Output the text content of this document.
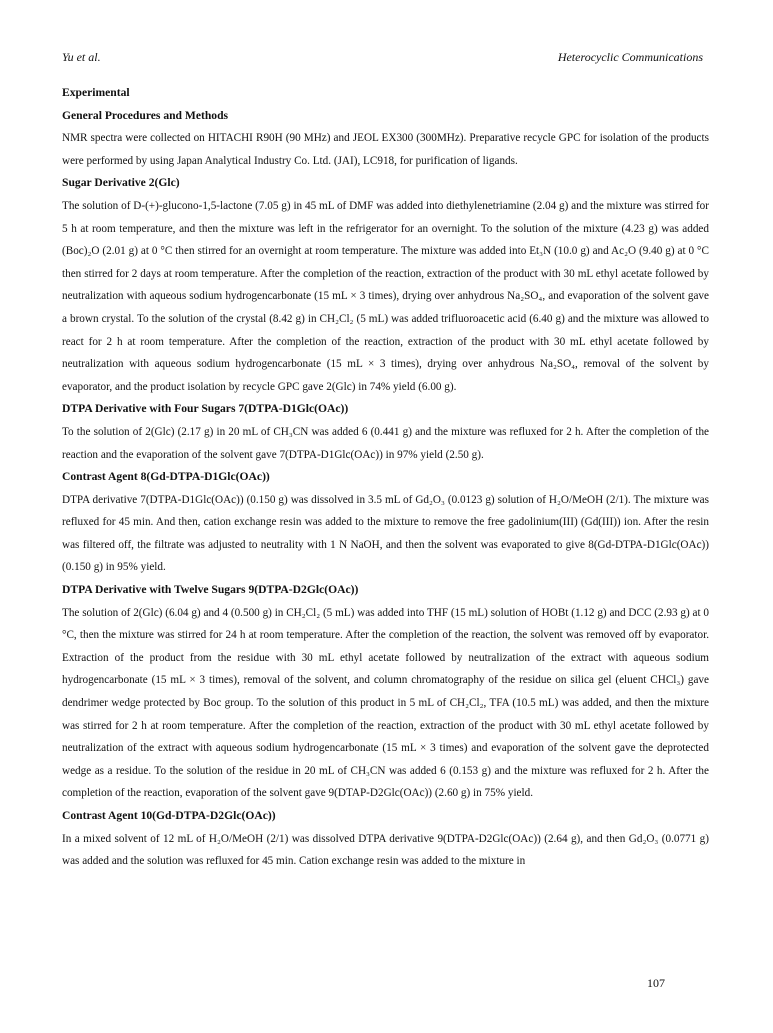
Yu et al.	Heterocyclic Communications
Experimental
General Procedures and Methods

NMR spectra were collected on HITACHI R90H (90 MHz) and JEOL EX300 (300MHz). Preparative recycle GPC for isolation of the products were performed by using Japan Analytical Industry Co. Ltd. (JAI), LC918, for purification of ligands.

Sugar Derivative 2(Glc)

The solution of D-(+)-glucono-1,5-lactone (7.05 g) in 45 mL of DMF was added into diethylenetriamine (2.04 g) and the mixture was stirred for 5 h at room temperature, and then the mixture was left in the refrigerator for an overnight. To the solution of the mixture (4.23 g) was added (Boc)₂O (2.01 g) at 0 °C then stirred for an overnight at room temperature. The mixture was added into Et₃N (10.0 g) and Ac₂O (9.40 g) at 0 °C then stirred for 2 days at room temperature. After the completion of the reaction, extraction of the product with 30 mL ethyl acetate followed by neutralization with aqueous sodium hydrogencarbonate (15 mL × 3 times), drying over anhydrous Na₂SO₄, and evaporation of the solvent gave a brown crystal. To the solution of the crystal (8.42 g) in CH₂Cl₂ (5 mL) was added trifluoroacetic acid (6.40 g) and the mixture was allowed to react for 2 h at room temperature. After the completion of the reaction, extraction of the product with 30 mL ethyl acetate followed by neutralization with aqueous sodium hydrogencarbonate (15 mL × 3 times), drying over anhydrous Na₂SO₄, removal of the solvent by evaporator, and the product isolation by recycle GPC gave 2(Glc) in 74% yield (6.00 g).

DTPA Derivative with Four Sugars 7(DTPA-D1Glc(OAc))

To the solution of 2(Glc) (2.17 g) in 20 mL of CH₃CN was added 6 (0.441 g) and the mixture was refluxed for 2 h. After the completion of the reaction and the evaporation of the solvent gave 7(DTPA-D1Glc(OAc)) in 97% yield (2.50 g).

Contrast Agent 8(Gd-DTPA-D1Glc(OAc))

DTPA derivative 7(DTPA-D1Glc(OAc)) (0.150 g) was dissolved in 3.5 mL of Gd₂O₃ (0.0123 g) solution of H₂O/MeOH (2/1). The mixture was refluxed for 45 min. And then, cation exchange resin was added to the mixture to remove the free gadolinium(III) (Gd(III)) ion. After the resin was filtered off, the filtrate was adjusted to neutrality with 1 N NaOH, and then the solvent was evaporated to give 8(Gd-DTPA-D1Glc(OAc)) (0.150 g) in 95% yield.

DTPA Derivative with Twelve Sugars 9(DTPA-D2Glc(OAc))

The solution of 2(Glc) (6.04 g) and 4 (0.500 g) in CH₂Cl₂ (5 mL) was added into THF (15 mL) solution of HOBt (1.12 g) and DCC (2.93 g) at 0 °C, then the mixture was stirred for 24 h at room temperature. After the completion of the reaction, the solvent was removed off by evaporator. Extraction of the product from the residue with 30 mL ethyl acetate followed by neutralization of the extract with aqueous sodium hydrogencarbonate (15 mL × 3 times), removal of the solvent, and column chromatography of the residue on silica gel (eluent CHCl₃) gave dendrimer wedge protected by Boc group. To the solution of this product in 5 mL of CH₂Cl₂, TFA (10.5 mL) was added, and then the mixture was stirred for 2 h at room temperature. After the completion of the reaction, extraction of the product with 30 mL ethyl acetate followed by neutralization of the extract with aqueous sodium hydrogencarbonate (15 mL × 3 times) and evaporation of the solvent gave the deprotected wedge as a residue. To the solution of the residue in 20 mL of CH₃CN was added 6 (0.153 g) and the mixture was refluxed for 2 h. After the completion of the reaction, evaporation of the solvent gave 9(DTAP-D2Glc(OAc)) (2.60 g) in 75% yield.

Contrast Agent 10(Gd-DTPA-D2Glc(OAc))

In a mixed solvent of 12 mL of H₂O/MeOH (2/1) was dissolved DTPA derivative 9(DTPA-D2Glc(OAc)) (2.64 g), and then Gd₂O₃ (0.0771 g) was added and the solution was refluxed for 45 min. Cation exchange resin was added to the mixture in

107
